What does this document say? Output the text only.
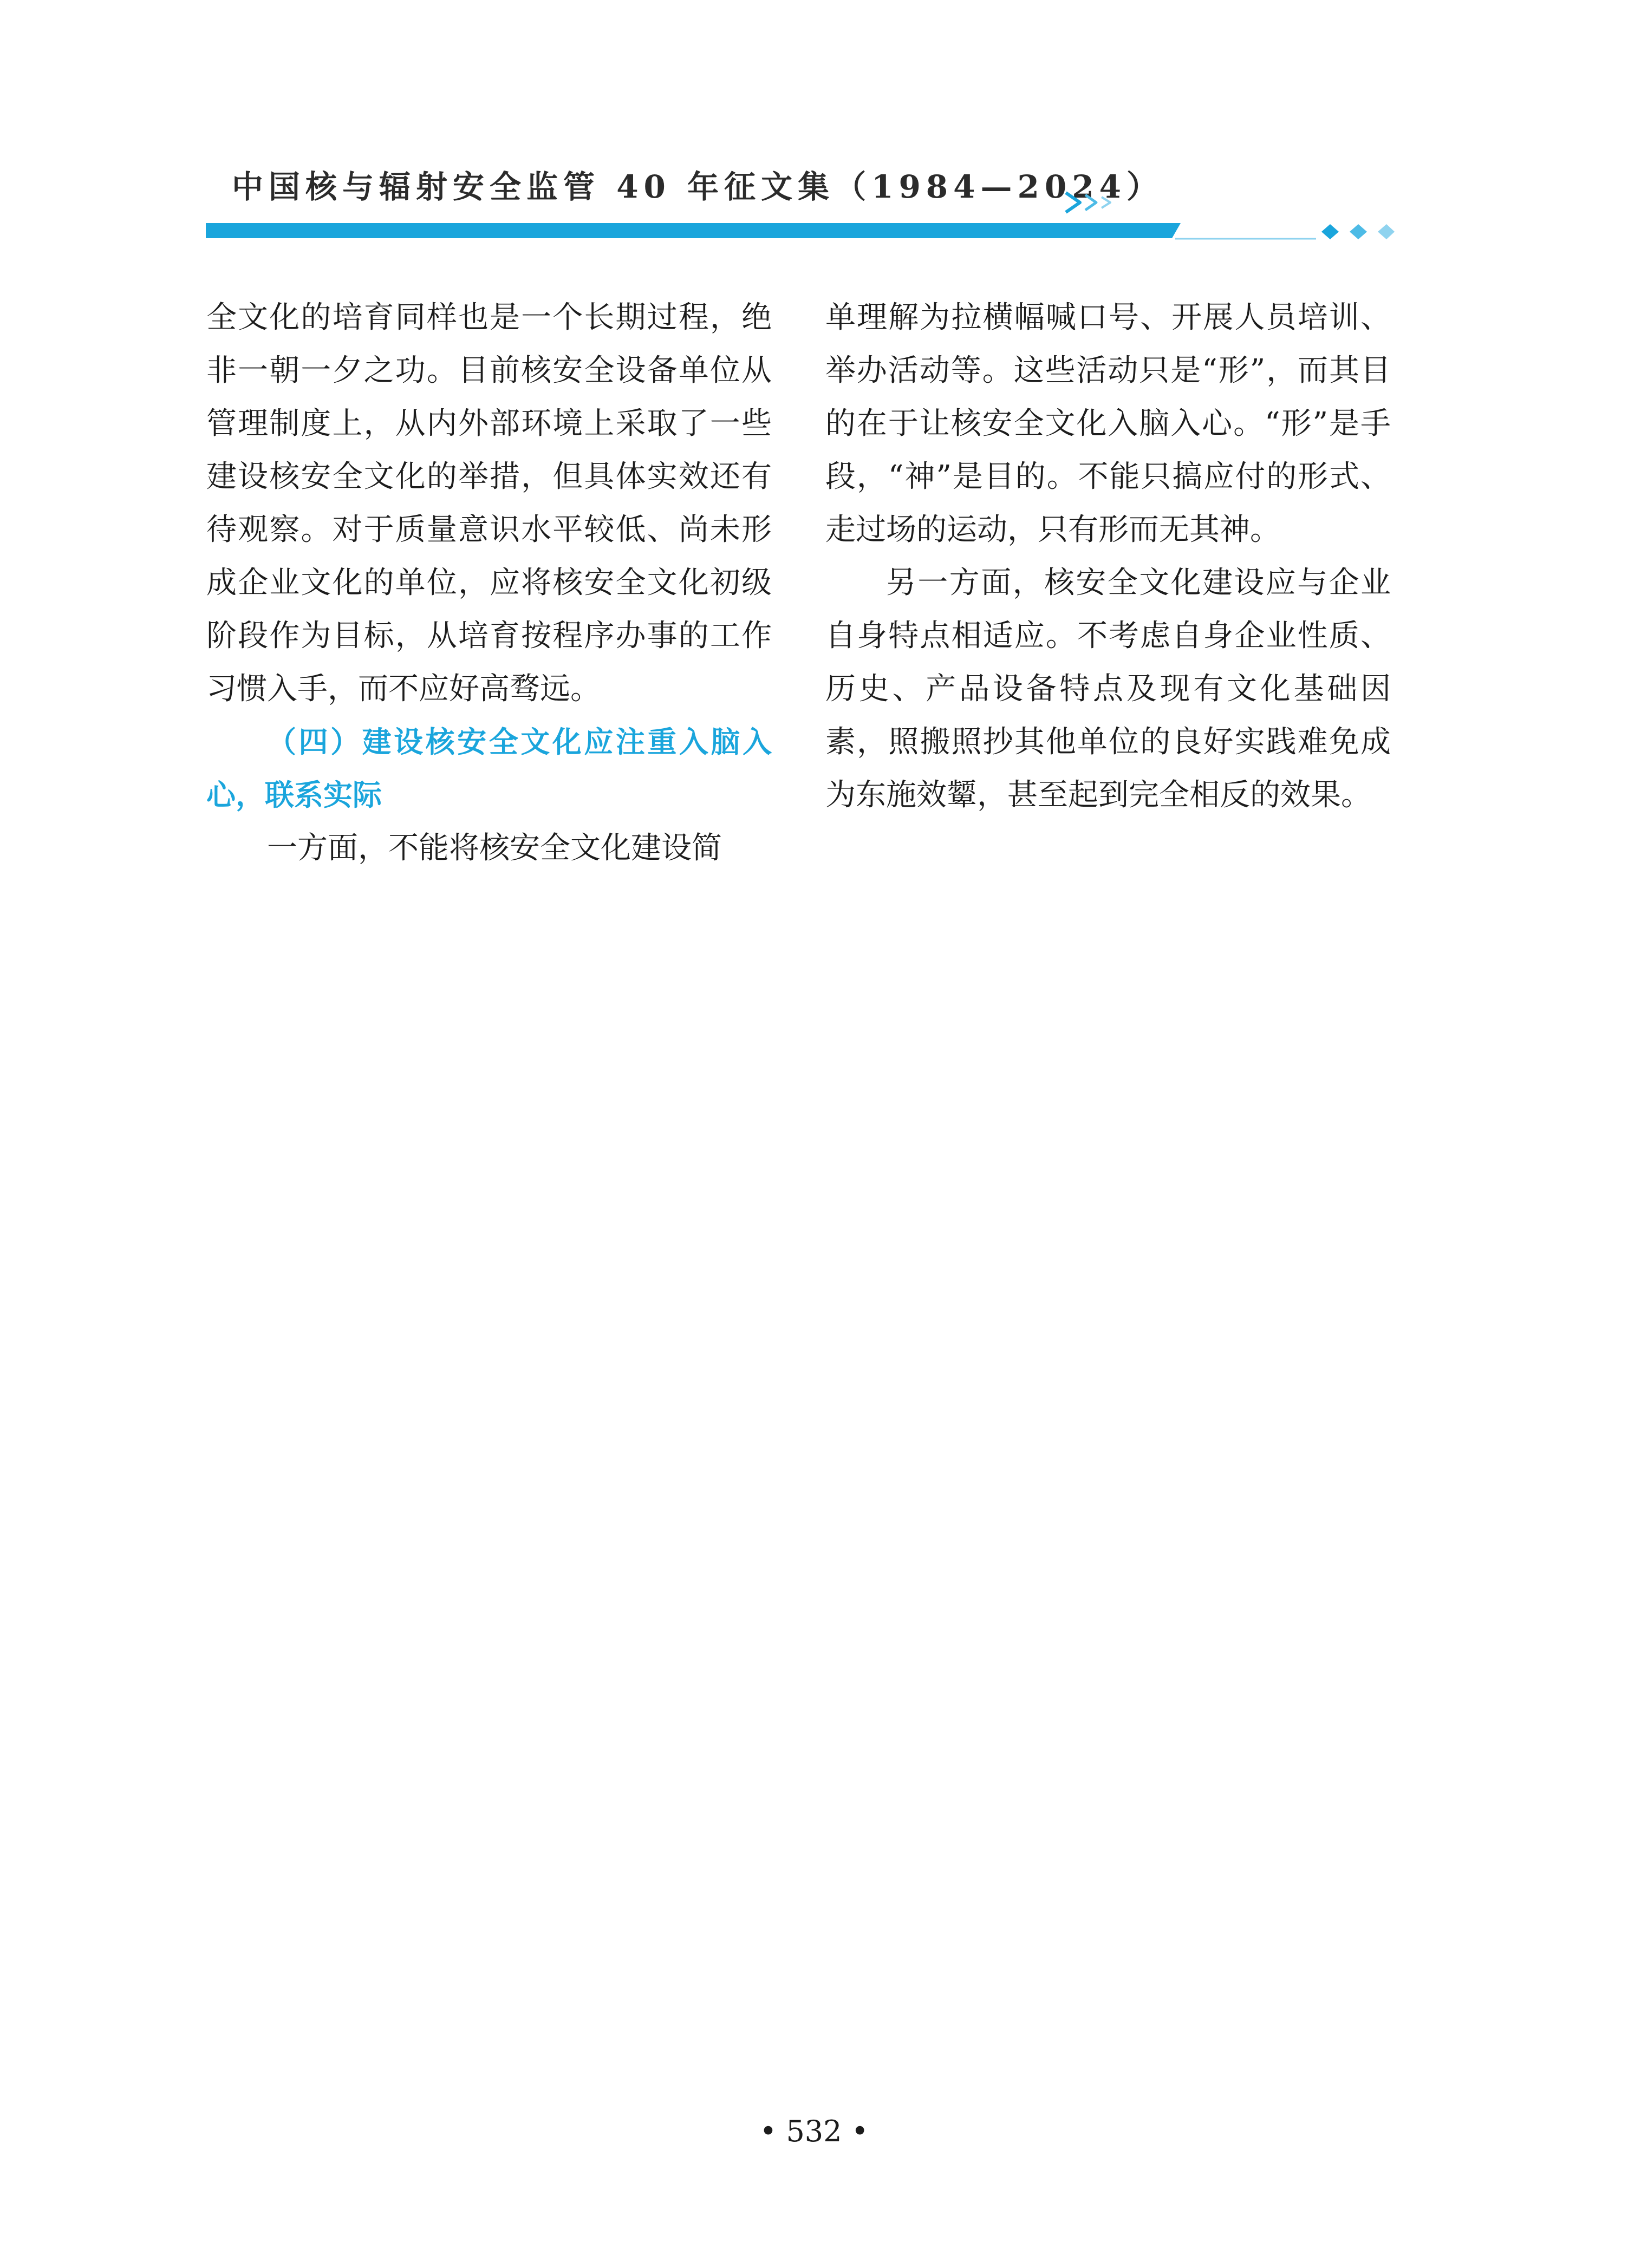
中国核与辐射安全监管 40 年征文集（1984—2024）

全文化的培育同样也是一个长期过程，绝非一朝一夕之功。目前核安全设备单位从管理制度上，从内外部环境上采取了一些建设核安全文化的举措，但具体实效还有待观察。对于质量意识水平较低、尚未形成企业文化的单位，应将核安全文化初级阶段作为目标，从培育按程序办事的工作习惯入手，而不应好高骛远。

（四）建设核安全文化应注重入脑入心，联系实际

一方面，不能将核安全文化建设简

单理解为拉横幅喊口号、开展人员培训、举办活动等。这些活动只是“形”，而其目的在于让核安全文化入脑入心。“形”是手段，“神”是目的。不能只搞应付的形式、走过场的运动，只有形而无其神。

另一方面，核安全文化建设应与企业自身特点相适应。不考虑自身企业性质、历史、产品设备特点及现有文化基础因素，照搬照抄其他单位的良好实践难免成为东施效颦，甚至起到完全相反的效果。

• 532 •
